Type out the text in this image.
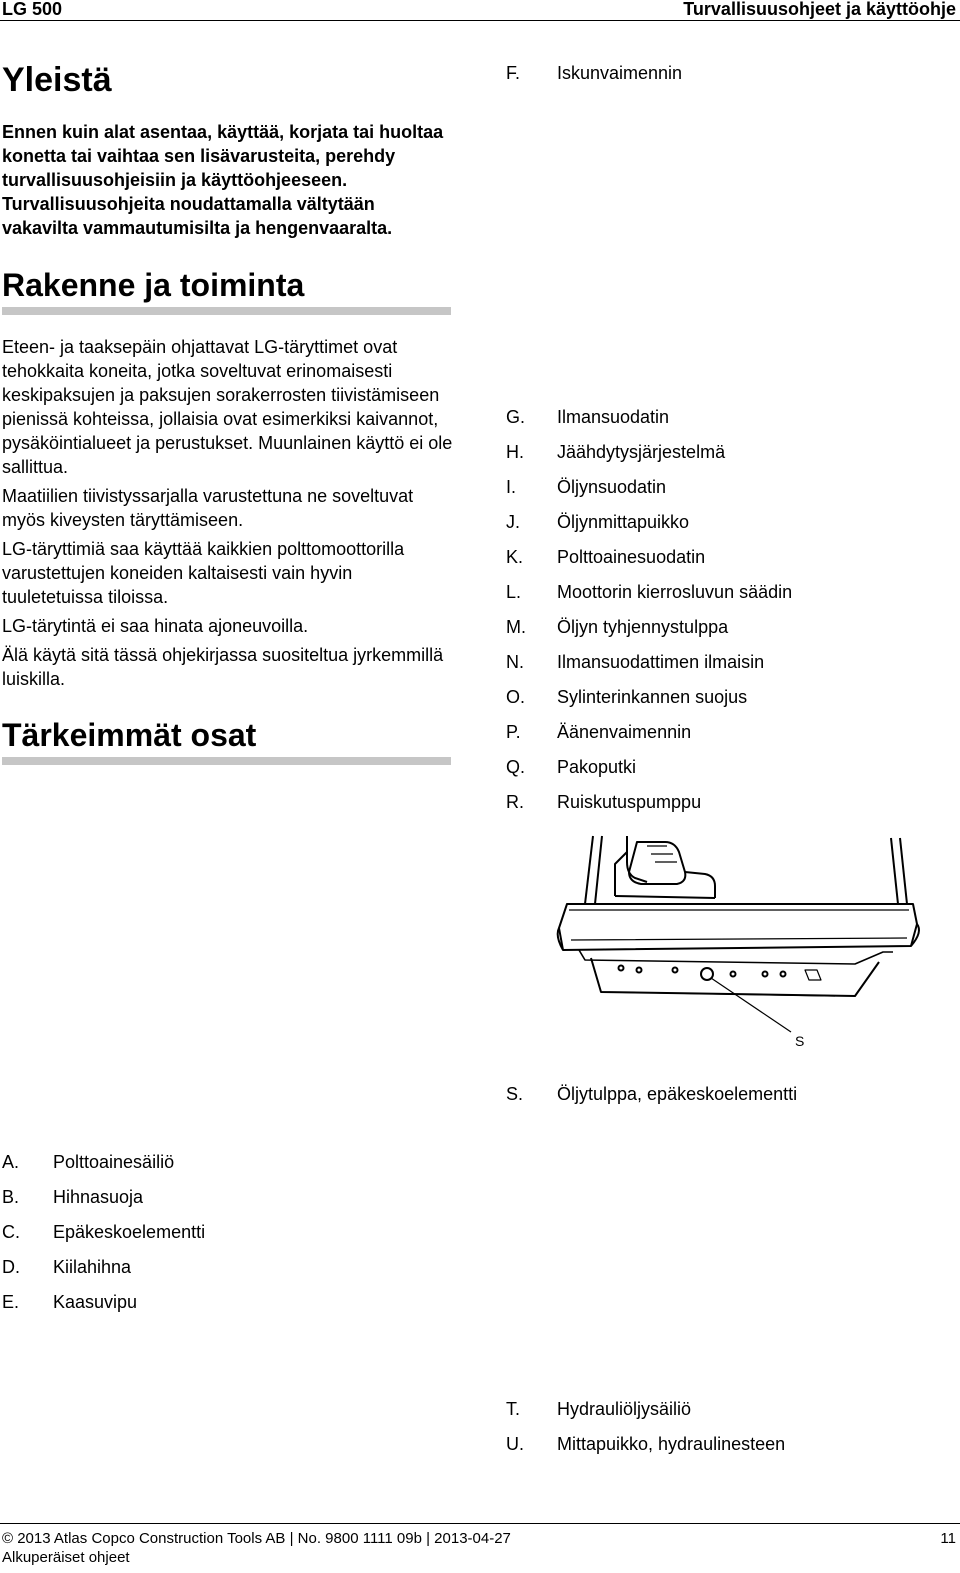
LG 500	Turvallisuusohjeet ja käyttöohje
Yleistä
Ennen kuin alat asentaa, käyttää, korjata tai huoltaa konetta tai vaihtaa sen lisävarusteita, perehdy turvallisuusohjeisiin ja käyttöohjeeseen. Turvallisuusohjeita noudattamalla vältytään vakavilta vammautumisilta ja hengenvaaralta.
Rakenne ja toiminta

Eteen- ja taaksepäin ohjattavat LG-täryttimet ovat tehokkaita koneita, jotka soveltuvat erinomaisesti keskipaksujen ja paksujen sorakerrosten tiivistämiseen pienissä kohteissa, jollaisia ovat esimerkiksi kaivannot, pysäköintialueet ja perustukset. Muunlainen käyttö ei ole sallittua.

Maatiilien tiivistyssarjalla varustettuna ne soveltuvat myös kiveysten täryttämiseen.

LG-täryttimiä saa käyttää kaikkien polttomoottorilla varustettujen koneiden kaltaisesti vain hyvin tuuletetuissa tiloissa.

LG-tärytintä ei saa hinata ajoneuvoilla.

Älä käytä sitä tässä ohjekirjassa suositeltua jyrkemmillä luiskilla.

Tärkeimmät osat
F. Iskunvaimennin
G. Ilmansuodatin
H. Jäähdytysjärjestelmä
I. Öljynsuodatin
J. Öljynmittapuikko
K. Polttoainesuodatin
L. Moottorin kierrosluvun säädin
M. Öljyn tyhjennystulppa
N. Ilmansuodattimen ilmaisin
O. Sylinterinkannen suojus
P. Äänenvaimennin
Q. Pakoputki
R. Ruiskutuspumppu
S
S. Öljytulppa, epäkeskoelementti
A. Polttoainesäiliö
B. Hihnasuoja
C. Epäkeskoelementti
D. Kiilahihna
E. Kaasuvipu
T. Hydrauliöljysäiliö
U. Mittapuikko, hydraulinesteen
© 2013 Atlas Copco Construction Tools AB | No. 9800 1111 09b | 2013-04-27
Alkuperäiset ohjeet
11
